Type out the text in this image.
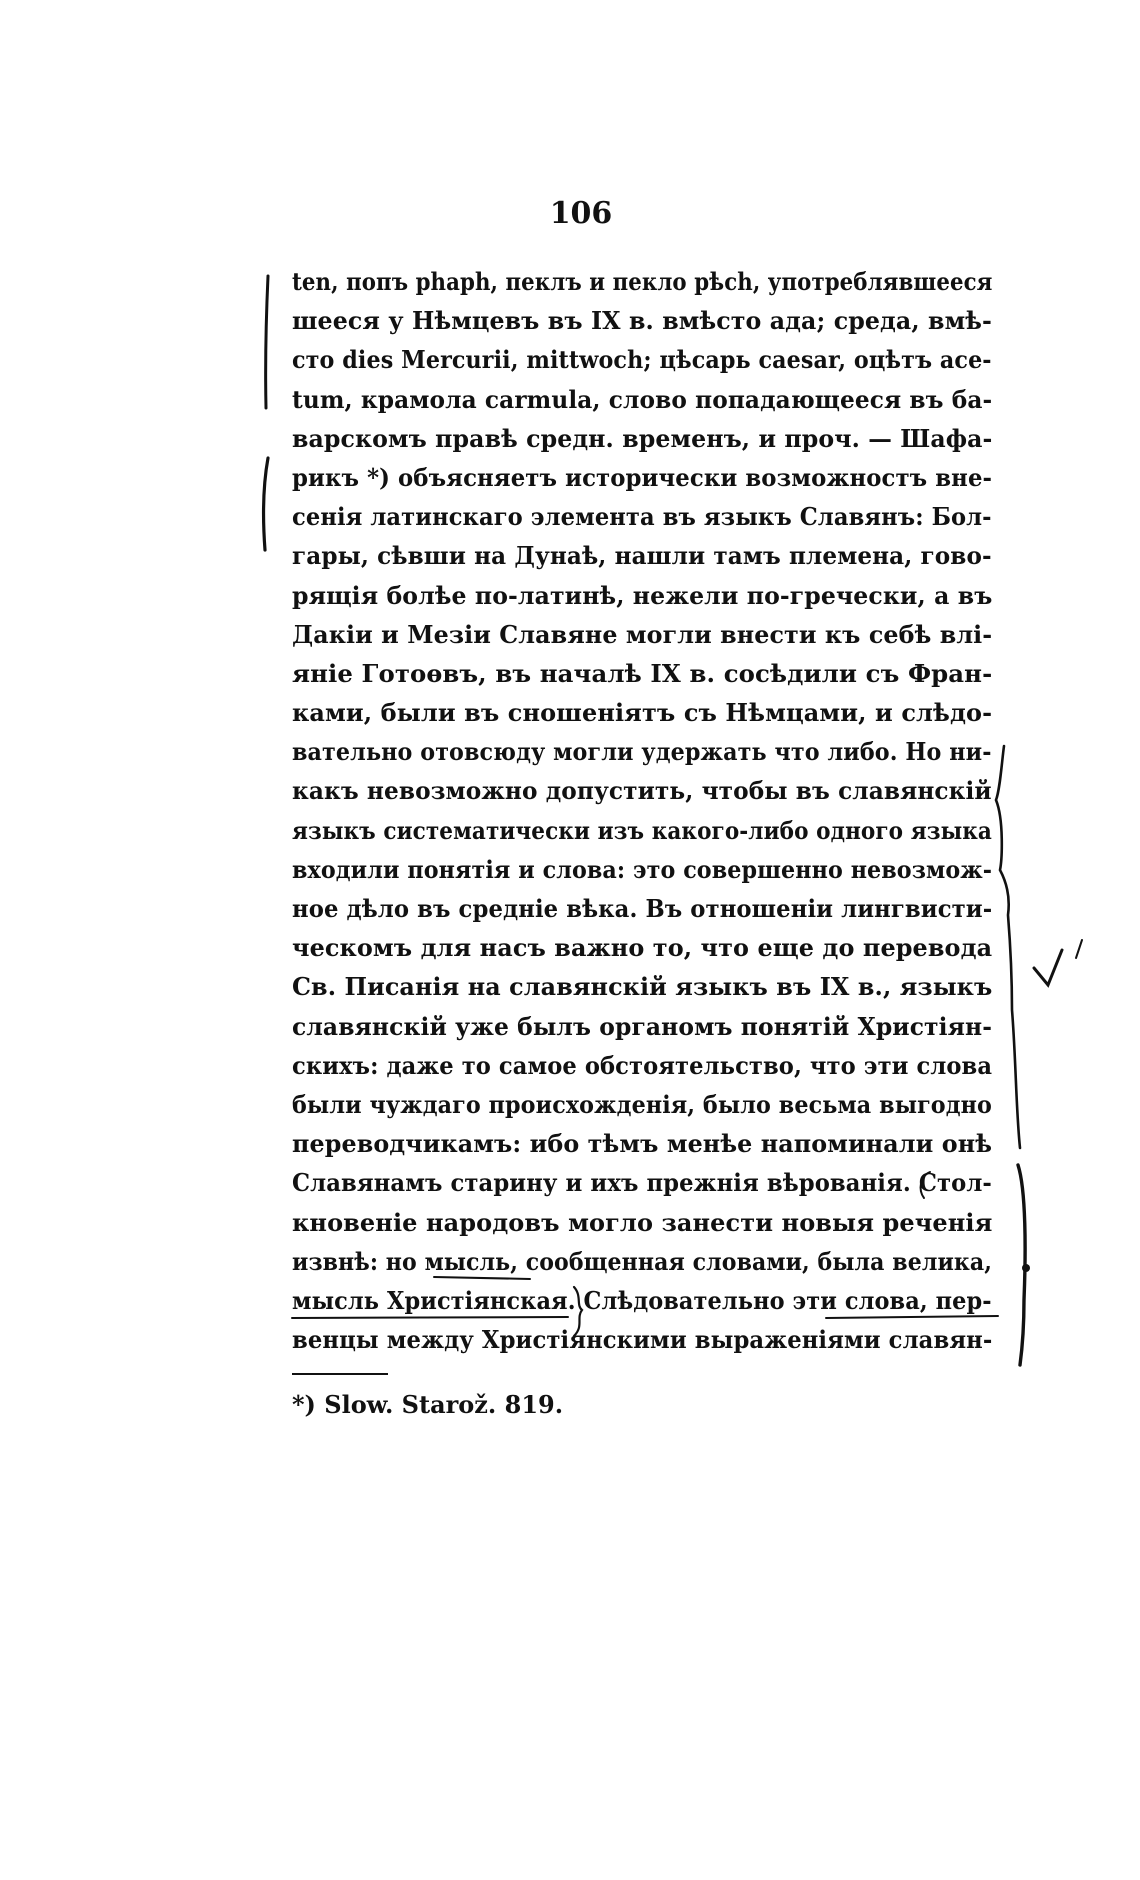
106
ten, попъ phaph, пеклъ и пекло pѣch, употреблявшееся
шееся у Нѣмцевъ въ IX в. вмѣсто ада; среда, вмѣ-
сто dies Mercurii, mittwoch; цѣсарь caesar, оцѣтъ ace-
tum, крамола carmula, слово попадающееся въ ба-
варскомъ правѣ средн. временъ, и проч. — Шафа-
рикъ *) объясняетъ исторически возможностъ вне-
сенія латинскаго элемента въ языкъ Славянъ: Бол-
гары, сѣвши на Дунаѣ, нашли тамъ племена, гово-
рящія болѣе по-латинѣ, нежели по-гречески, а въ
Дакіи и Мезіи Славяне могли внести къ себѣ влі-
яніе Готоѳвъ, въ началѣ IX в. сосѣдили съ Фран-
ками, были въ сношеніятъ съ Нѣмцами, и слѣдо-
вательно отовсюду могли удержать что либо. Но ни-
какъ невозможно допустить, чтобы въ славянскій
языкъ систематически изъ какого-либо одного языка
входили понятія и слова: это совершенно невозмож-
ное дѣло въ средніе вѣка. Въ отношеніи лингвисти-
ческомъ для насъ важно то, что еще до перевода
Св. Писанія на славянскій языкъ въ IX в., языкъ
славянскій уже былъ органомъ понятій Христіян-
скихъ: даже то самое обстоятельство, что эти слова
были чуждаго происхожденія, было весьма выгодно
переводчикамъ: ибо тѣмъ менѣе напоминали онѣ
Славянамъ старину и ихъ прежнія вѣрованія. Стол-
кновеніе народовъ могло занести новыя реченія
извнѣ: но мысль, сообщенная словами, была велика,
мысль Христіянская. Слѣдовательно эти слова, пер-
венцы между Христіянскими выраженіями славян-
*) Slow. Starož. 819.
